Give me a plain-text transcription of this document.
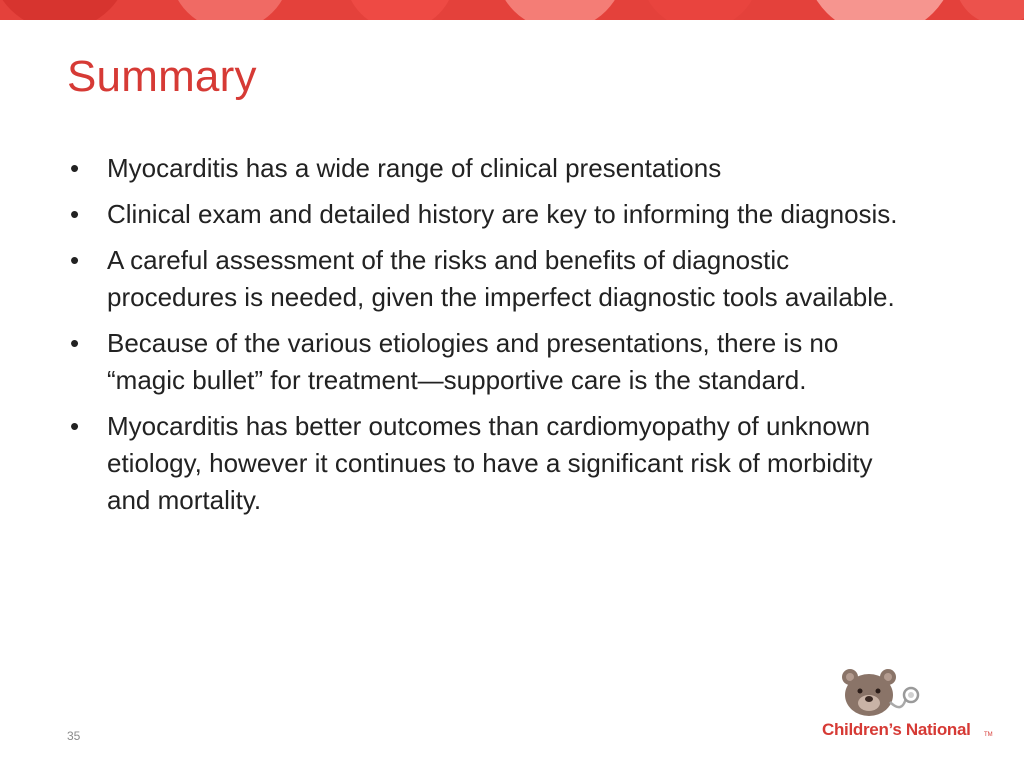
Summary
• Myocarditis has a wide range of clinical presentations
• Clinical exam and detailed history are key to informing the diagnosis.
• A careful assessment of the risks and benefits of diagnostic procedures is needed, given the imperfect diagnostic tools available.
• Because of the various etiologies and presentations, there is no “magic bullet” for treatment—supportive care is the standard.
• Myocarditis has better outcomes than cardiomyopathy of unknown etiology, however it continues to have a significant risk of morbidity and mortality.
35	Children’s National TM
